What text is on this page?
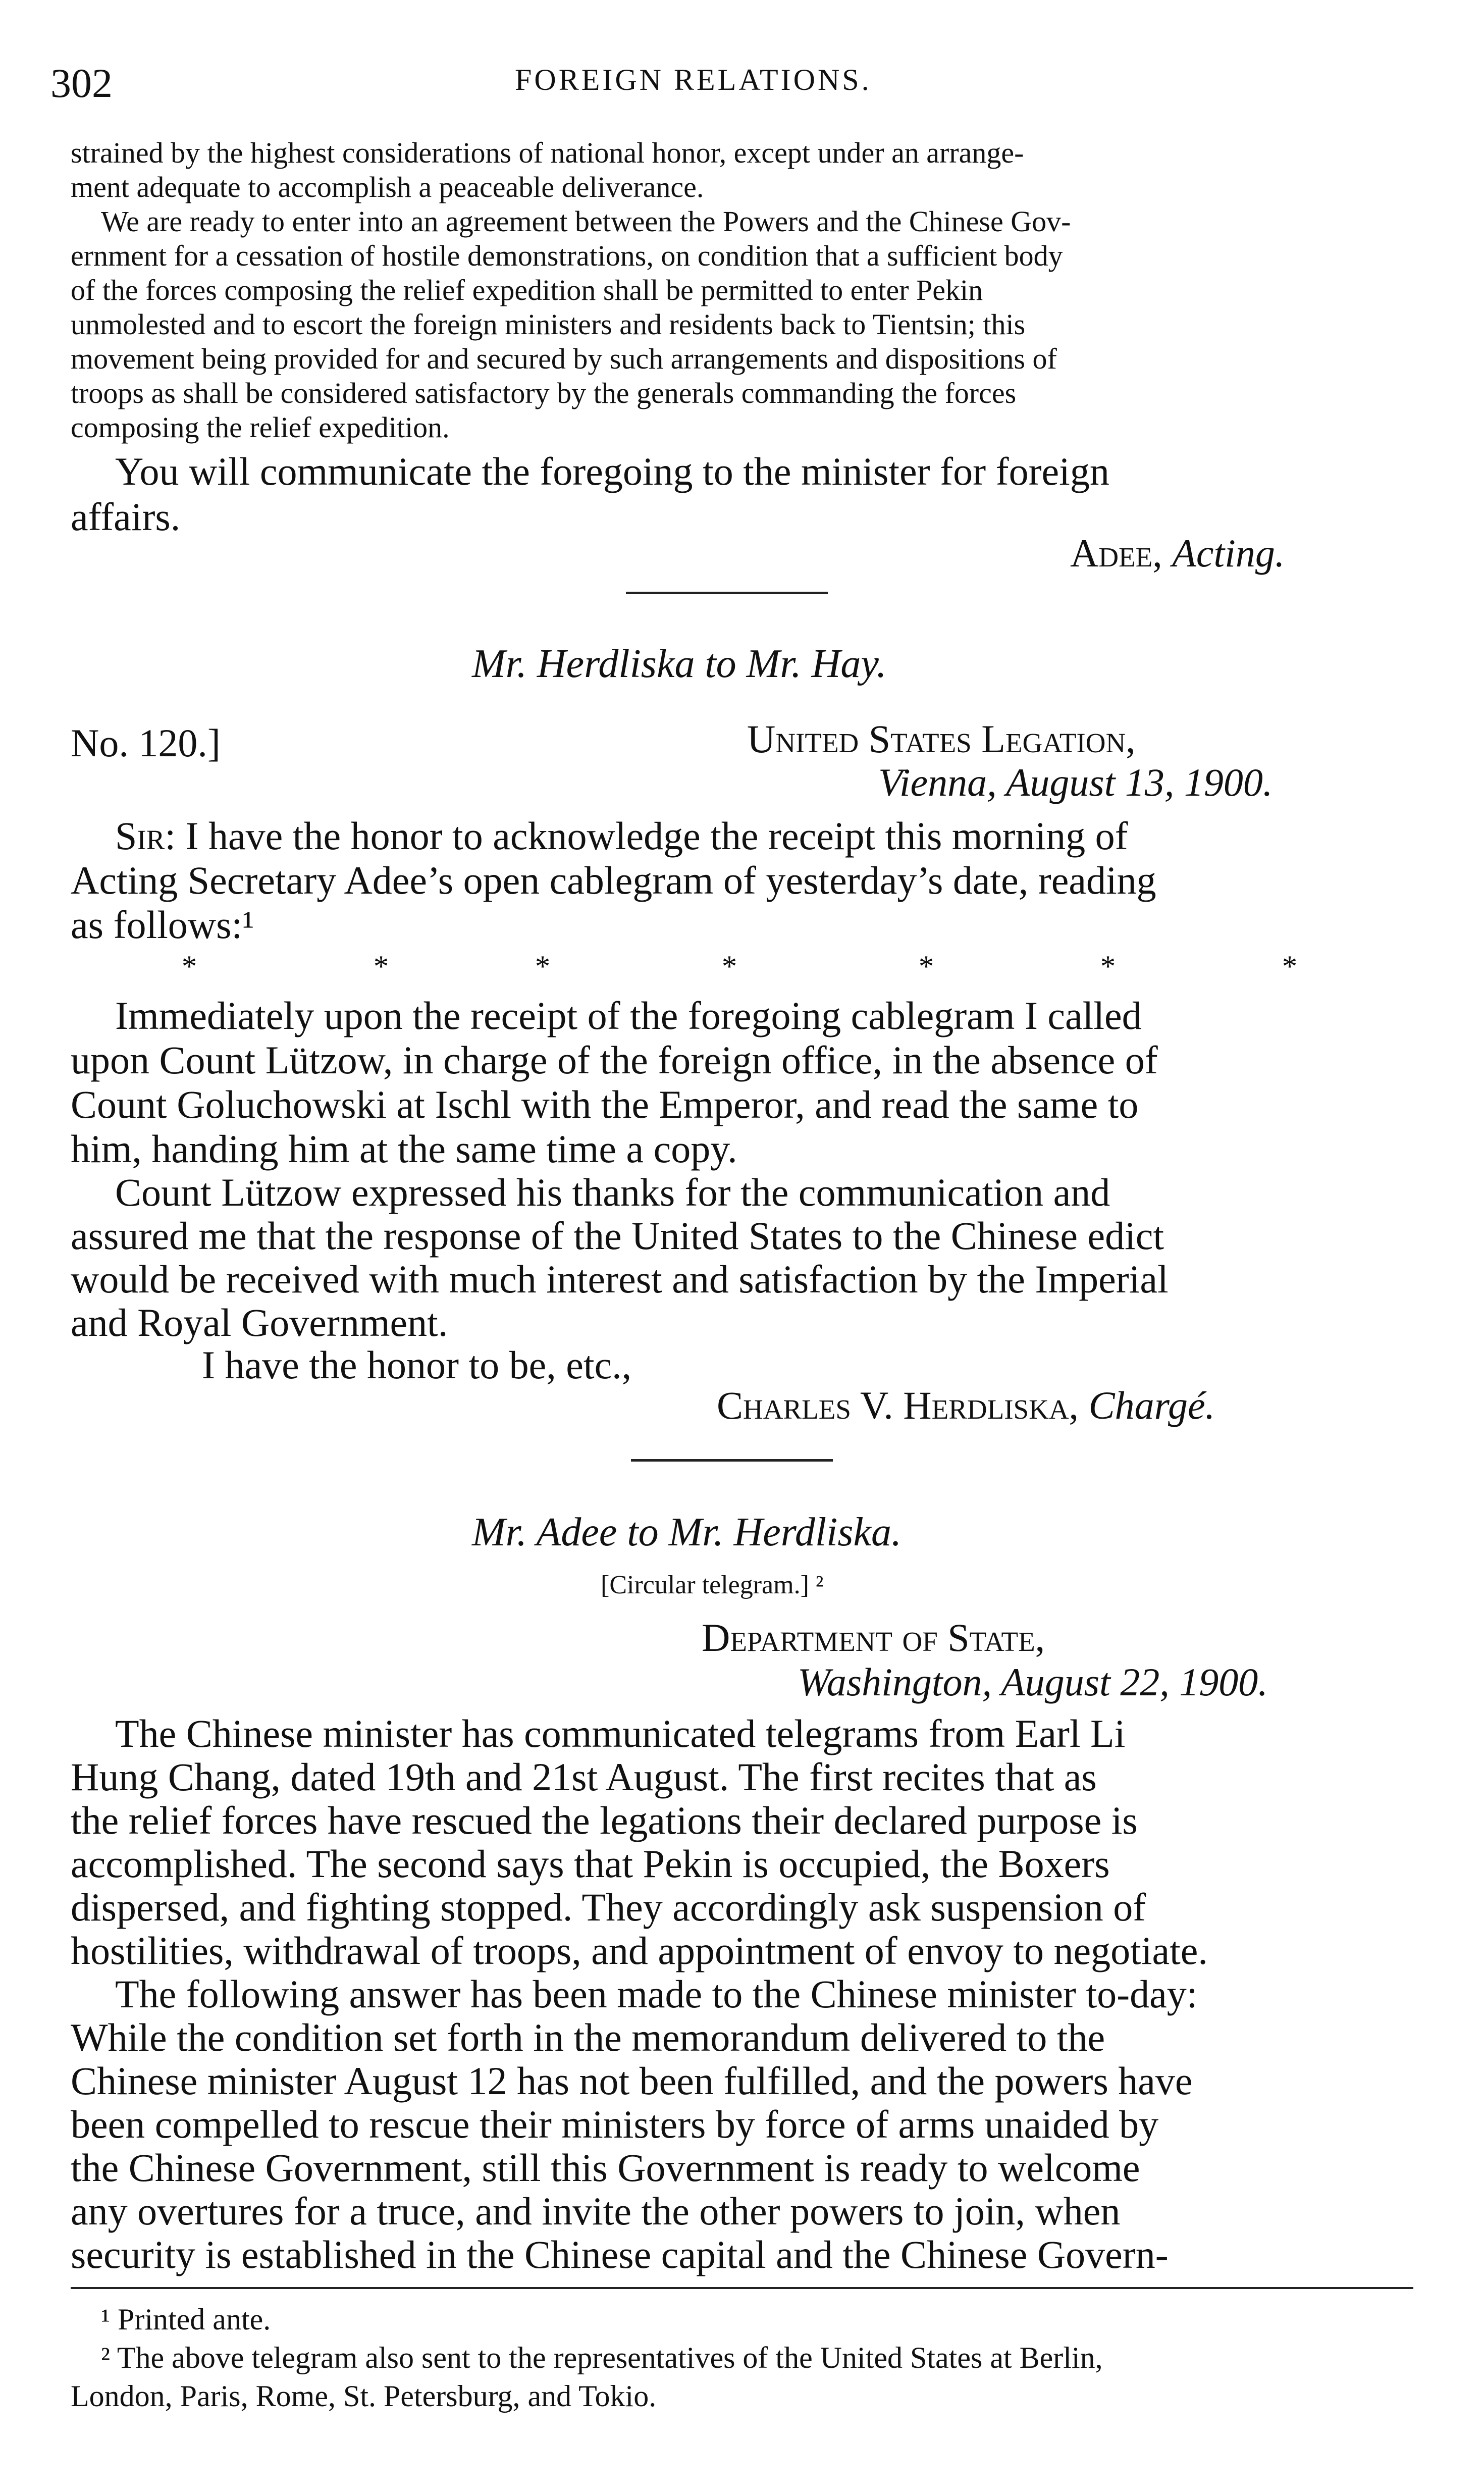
302	FOREIGN RELATIONS.
strained by the highest considerations of national honor, except under an arrange-
ment adequate to accomplish a peaceable deliverance.
We are ready to enter into an agreement between the Powers and the Chinese Gov-
ernment for a cessation of hostile demonstrations, on condition that a sufficient body
of the forces composing the relief expedition shall be permitted to enter Pekin
unmolested and to escort the foreign ministers and residents back to Tientsin; this
movement being provided for and secured by such arrangements and dispositions of
troops as shall be considered satisfactory by the generals commanding the forces
composing the relief expedition.
You will communicate the foregoing to the minister for foreign
affairs.
Adee, Acting.
Mr. Herdliska to Mr. Hay.
No. 120.]	United States Legation,
Vienna, August 13, 1900.
Sir: I have the honor to acknowledge the receipt this morning of
Acting Secretary Adee’s open cablegram of yesterday’s date, reading
as follows:¹
*	*	*	*	*	*	*
Immediately upon the receipt of the foregoing cablegram I called
upon Count Lützow, in charge of the foreign office, in the absence of
Count Goluchowski at Ischl with the Emperor, and read the same to
him, handing him at the same time a copy.
Count Lützow expressed his thanks for the communication and
assured me that the response of the United States to the Chinese edict
would be received with much interest and satisfaction by the Imperial
and Royal Government.
I have the honor to be, etc.,
Charles V. Herdliska, Chargé.
Mr. Adee to Mr. Herdliska.
[Circular telegram.] ²
Department of State,
Washington, August 22, 1900.
The Chinese minister has communicated telegrams from Earl Li
Hung Chang, dated 19th and 21st August. The first recites that as
the relief forces have rescued the legations their declared purpose is
accomplished. The second says that Pekin is occupied, the Boxers
dispersed, and fighting stopped. They accordingly ask suspension of
hostilities, withdrawal of troops, and appointment of envoy to negotiate.
The following answer has been made to the Chinese minister to-day:
While the condition set forth in the memorandum delivered to the
Chinese minister August 12 has not been fulfilled, and the powers have
been compelled to rescue their ministers by force of arms unaided by
the Chinese Government, still this Government is ready to welcome
any overtures for a truce, and invite the other powers to join, when
security is established in the Chinese capital and the Chinese Govern-
¹ Printed ante.
² The above telegram also sent to the representatives of the United States at Berlin,
London, Paris, Rome, St. Petersburg, and Tokio.
